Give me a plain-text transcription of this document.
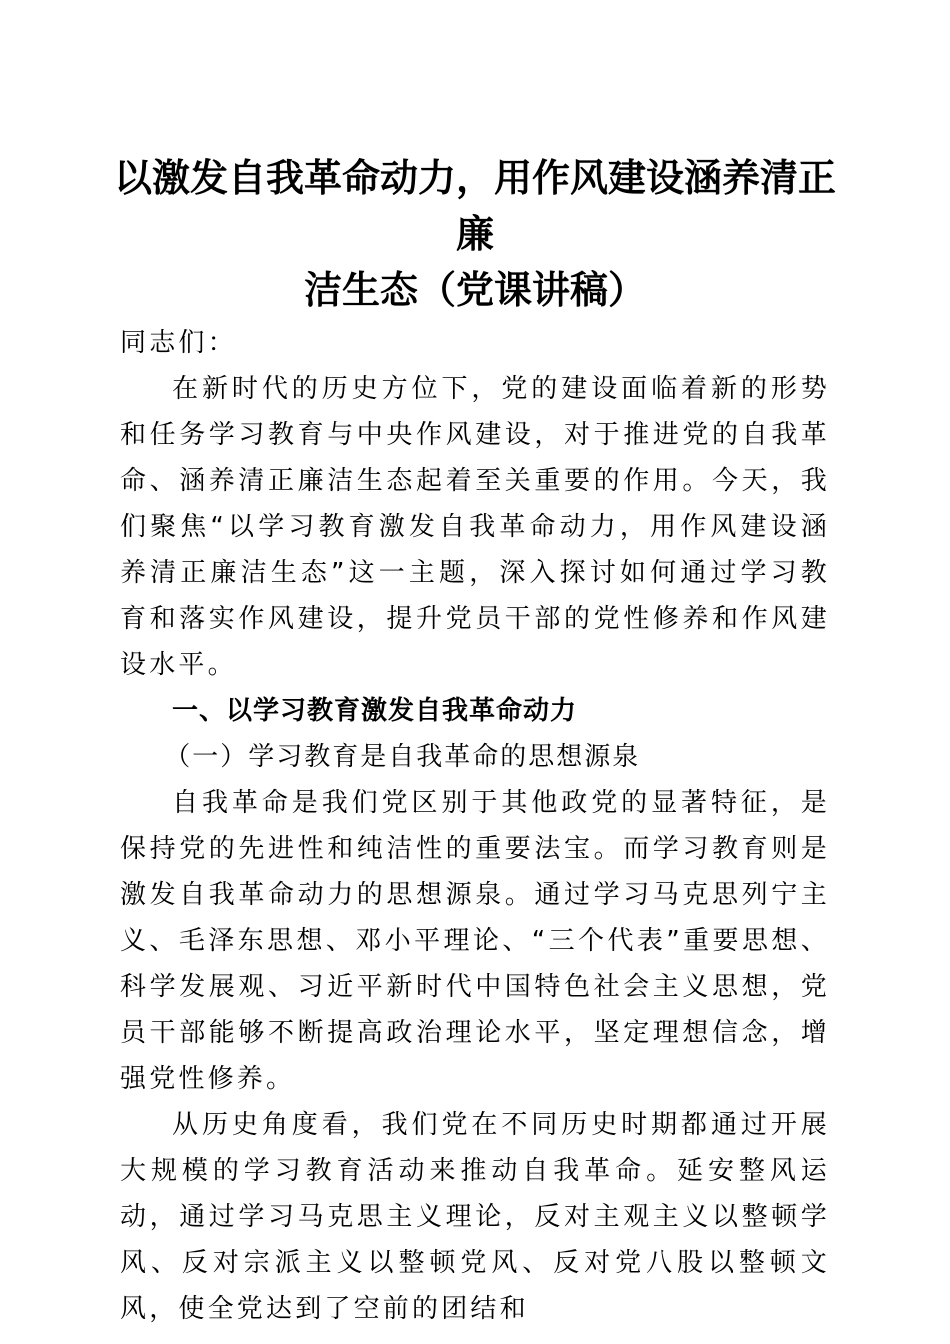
以激发自我革命动力，用作风建设涵养清正廉
洁生态（党课讲稿）

同志们：

在新时代的历史方位下，党的建设面临着新的形势和任务学习教育与中央作风建设，对于推进党的自我革命、涵养清正廉洁生态起着至关重要的作用。今天，我们聚焦“以学习教育激发自我革命动力，用作风建设涵养清正廉洁生态”这一主题，深入探讨如何通过学习教育和落实作风建设，提升党员干部的党性修养和作风建设水平。

一、以学习教育激发自我革命动力

（一）学习教育是自我革命的思想源泉

自我革命是我们党区别于其他政党的显著特征，是保持党的先进性和纯洁性的重要法宝。而学习教育则是激发自我革命动力的思想源泉。通过学习马克思列宁主义、毛泽东思想、邓小平理论、“三个代表”重要思想、科学发展观、习近平新时代中国特色社会主义思想，党员干部能够不断提高政治理论水平，坚定理想信念，增强党性修养。

从历史角度看，我们党在不同历史时期都通过开展大规模的学习教育活动来推动自我革命。延安整风运动，通过学习马克思主义理论，反对主观主义以整顿学风、反对宗派主义以整顿党风、反对党八股以整顿文风，使全党达到了空前的团结和
